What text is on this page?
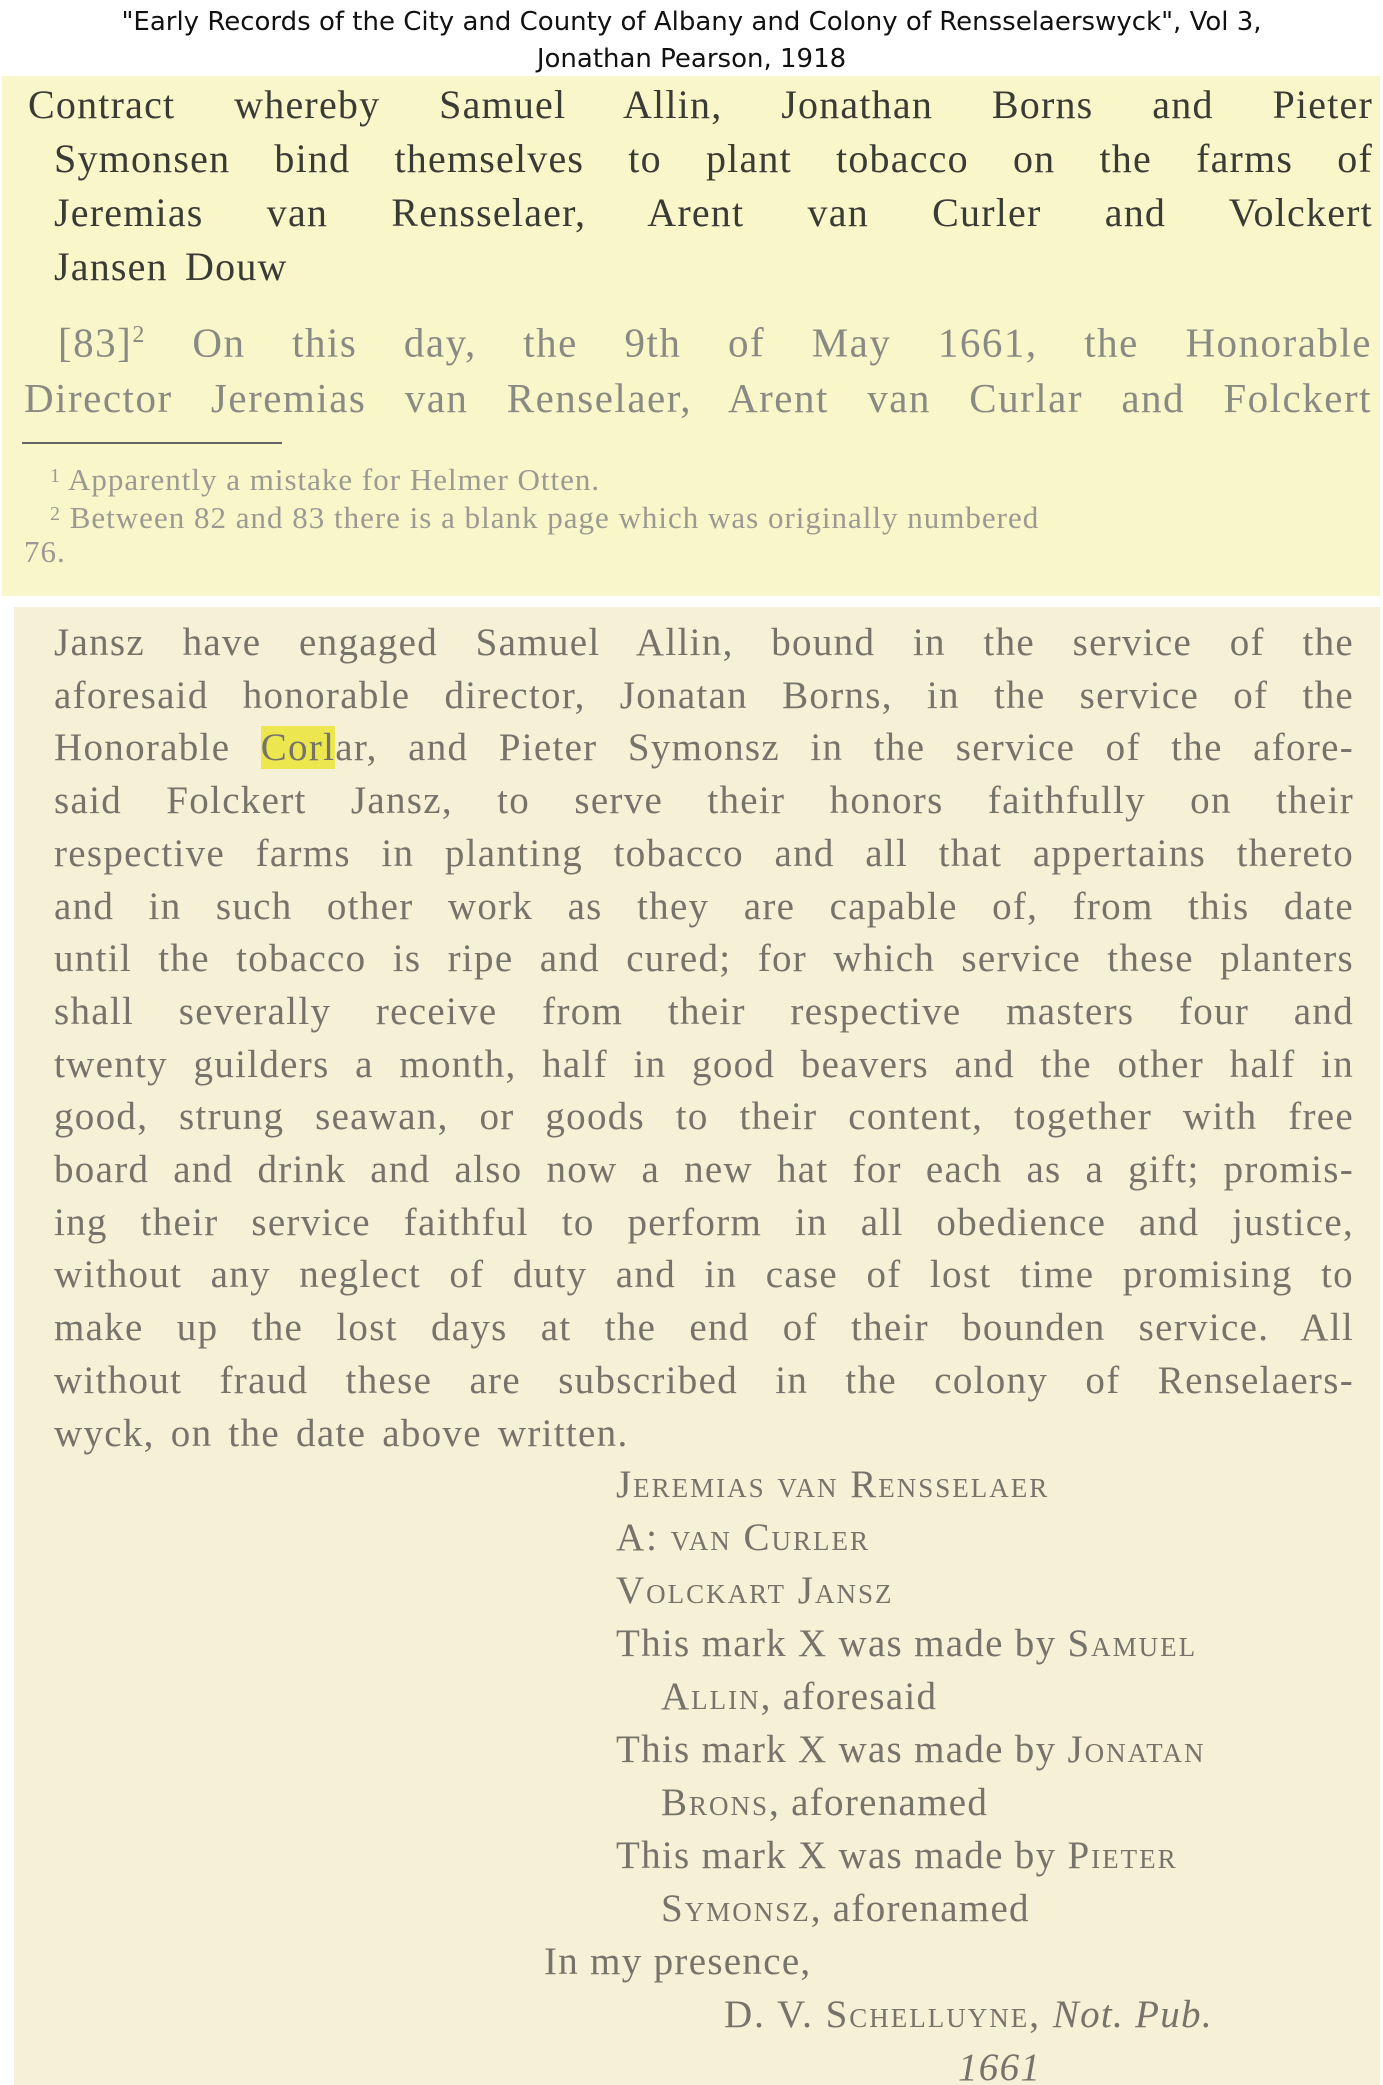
"Early Records of the City and County of Albany and Colony of Rensselaerswyck", Vol 3,
Jonathan Pearson, 1918
Contract whereby Samuel Allin, Jonathan Borns and Pieter
Symonsen bind themselves to plant tobacco on the farms of
Jeremias van Rensselaer, Arent van Curler and Volckert
Jansen Douw
$[83]^2$ On this day, the 9th of May 1661, the Honorable
Director Jeremias van Renselaer, Arent van Curlar and Folckert
$^1$ Apparently a mistake for Helmer Otten.
$^2$ Between 82 and 83 there is a blank page which was originally numbered
76.
Jansz have engaged Samuel Allin, bound in the service of the
aforesaid honorable director, Jonatan Borns, in the service of the
Honorable Corlar, and Pieter Symonsz in the service of the afore-
said Folckert Jansz, to serve their honors faithfully on their
respective farms in planting tobacco and all that appertains thereto
and in such other work as they are capable of, from this date
until the tobacco is ripe and cured; for which service these planters
shall severally receive from their respective masters four and
twenty guilders a month, half in good beavers and the other half in
good, strung seawan, or goods to their content, together with free
board and drink and also now a new hat for each as a gift; promis-
ing their service faithful to perform in all obedience and justice,
without any neglect of duty and in case of lost time promising to
make up the lost days at the end of their bounden service. All
without fraud these are subscribed in the colony of Renselaers-
wyck, on the date above written.
Jeremias van Rensselaer
A: van Curler
Volckart Jansz
This mark X was made by Samuel
Allin, aforesaid
This mark X was made by Jonatan
Brons, aforenamed
This mark X was made by Pieter
Symonsz, aforenamed
In my presence,
D. V. Schelluyne, Not. Pub.
1661
